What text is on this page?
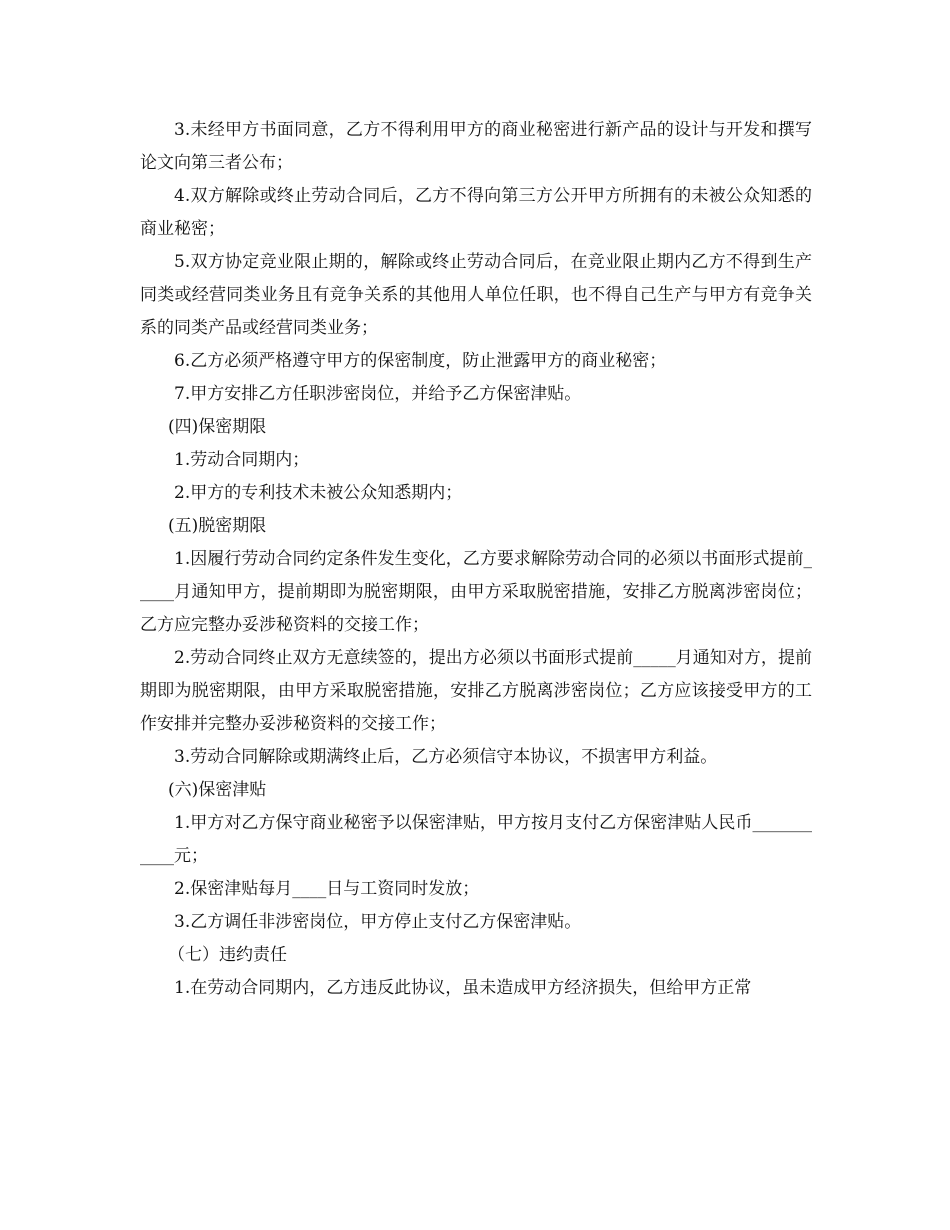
3.未经甲方书面同意，乙方不得利用甲方的商业秘密进行新产品的设计与开发和撰写论文向第三者公布；

4.双方解除或终止劳动合同后，乙方不得向第三方公开甲方所拥有的未被公众知悉的商业秘密；

5.双方协定竞业限止期的，解除或终止劳动合同后，在竞业限止期内乙方不得到生产同类或经营同类业务且有竞争关系的其他用人单位任职，也不得自己生产与甲方有竞争关系的同类产品或经营同类业务；

6.乙方必须严格遵守甲方的保密制度，防止泄露甲方的商业秘密；

7.甲方安排乙方任职涉密岗位，并给予乙方保密津贴。

(四)保密期限

1.劳动合同期内；

2.甲方的专利技术未被公众知悉期内；

(五)脱密期限

1.因履行劳动合同约定条件发生变化，乙方要求解除劳动合同的必须以书面形式提前_____月通知甲方，提前期即为脱密期限，由甲方采取脱密措施，安排乙方脱离涉密岗位；乙方应完整办妥涉秘资料的交接工作；

2.劳动合同终止双方无意续签的，提出方必须以书面形式提前_____月通知对方，提前期即为脱密期限，由甲方采取脱密措施，安排乙方脱离涉密岗位；乙方应该接受甲方的工作安排并完整办妥涉秘资料的交接工作；

3.劳动合同解除或期满终止后，乙方必须信守本协议，不损害甲方利益。

(六)保密津贴

1.甲方对乙方保守商业秘密予以保密津贴，甲方按月支付乙方保密津贴人民币___________元；

2.保密津贴每月____日与工资同时发放；

3.乙方调任非涉密岗位，甲方停止支付乙方保密津贴。

（七）违约责任

1.在劳动合同期内，乙方违反此协议，虽未造成甲方经济损失，但给甲方正常
